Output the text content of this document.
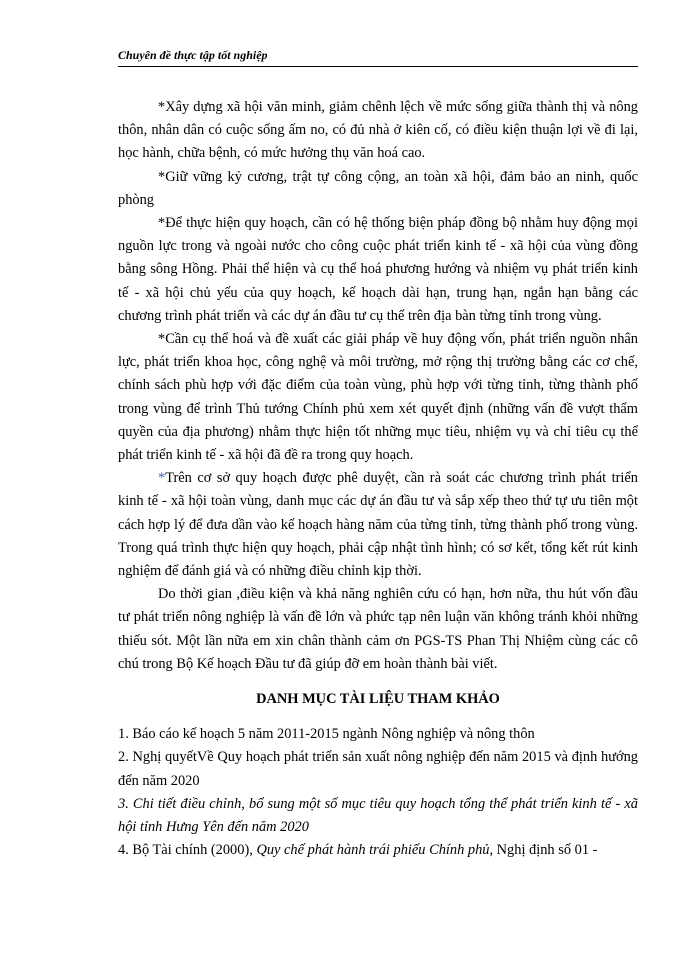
Chuyên đề thực tập tốt nghiệp

*Xây dựng xã hội văn minh, giảm chênh lệch về mức sống giữa thành thị và nông thôn, nhân dân có cuộc sống ấm no, có đủ nhà ở kiên cố, có điều kiện thuận lợi về đi lại, học hành, chữa bệnh, có mức hưởng thụ văn hoá cao.

*Giữ vững kỷ cương, trật tự công cộng, an toàn xã hội, đảm bảo an ninh, quốc phòng

*Để thực hiện quy hoạch, cần có hệ thống biện pháp đồng bộ nhằm huy động mọi nguồn lực trong và ngoài nước cho công cuộc phát triển kinh tế - xã hội của vùng đồng bằng sông Hồng. Phải thể hiện và cụ thể hoá phương hướng và nhiệm vụ phát triển kinh tế - xã hội chủ yếu của quy hoạch, kế hoạch dài hạn, trung hạn, ngắn hạn bằng các chương trình phát triển và các dự án đầu tư cụ thể trên địa bàn từng tỉnh trong vùng.

*Cần cụ thể hoá và đề xuất các giải pháp về huy động vốn, phát triển nguồn nhân lực, phát triển khoa học, công nghệ và môi trường, mở rộng thị trường bằng các cơ chế, chính sách phù hợp với đặc điểm của toàn vùng, phù hợp với từng tỉnh, từng thành phố trong vùng để trình Thủ tướng Chính phủ xem xét quyết định (những vấn đề vượt thẩm quyền của địa phương) nhằm thực hiện tốt những mục tiêu, nhiệm vụ và chỉ tiêu cụ thể phát triển kinh tế - xã hội đã đề ra trong quy hoạch.

*Trên cơ sở quy hoạch được phê duyệt, cần rà soát các chương trình phát triển kinh tế - xã hội toàn vùng, danh mục các dự án đầu tư và sắp xếp theo thứ tự ưu tiên một cách hợp lý để đưa dần vào kế hoạch hàng năm của từng tỉnh, từng thành phố trong vùng. Trong quá trình thực hiện quy hoạch, phải cập nhật tình hình; có sơ kết, tổng kết rút kinh nghiệm để đánh giá và có những điều chỉnh kịp thời.

Do thời gian ,điều kiện và khả năng nghiên cứu có hạn, hơn nữa, thu hút vốn đầu tư phát triển nông nghiệp là vấn đề lớn và phức tạp nên luận văn không tránh khỏi những thiếu sót. Một lần nữa em xin chân thành cảm ơn PGS-TS Phan Thị Nhiệm cùng các cô chú trong Bộ Kế hoạch Đầu tư đã giúp đỡ em hoàn thành bài viết.

DANH MỤC TÀI LIỆU THAM KHẢO

1. Báo cáo kế hoạch 5 năm 2011-2015 ngành Nông nghiệp và nông thôn

2. Nghị quyếtVề Quy hoạch phát triển sản xuất nông nghiệp đến năm 2015 và định hướng đến năm 2020

3. Chi tiết điều chỉnh, bổ sung một số mục tiêu quy hoạch tổng thể phát triển kinh tế - xã hội tỉnh Hưng Yên đến năm 2020

4. Bộ Tài chính (2000), Quy chế phát hành trái phiếu Chính phủ, Nghị định số 01 -
